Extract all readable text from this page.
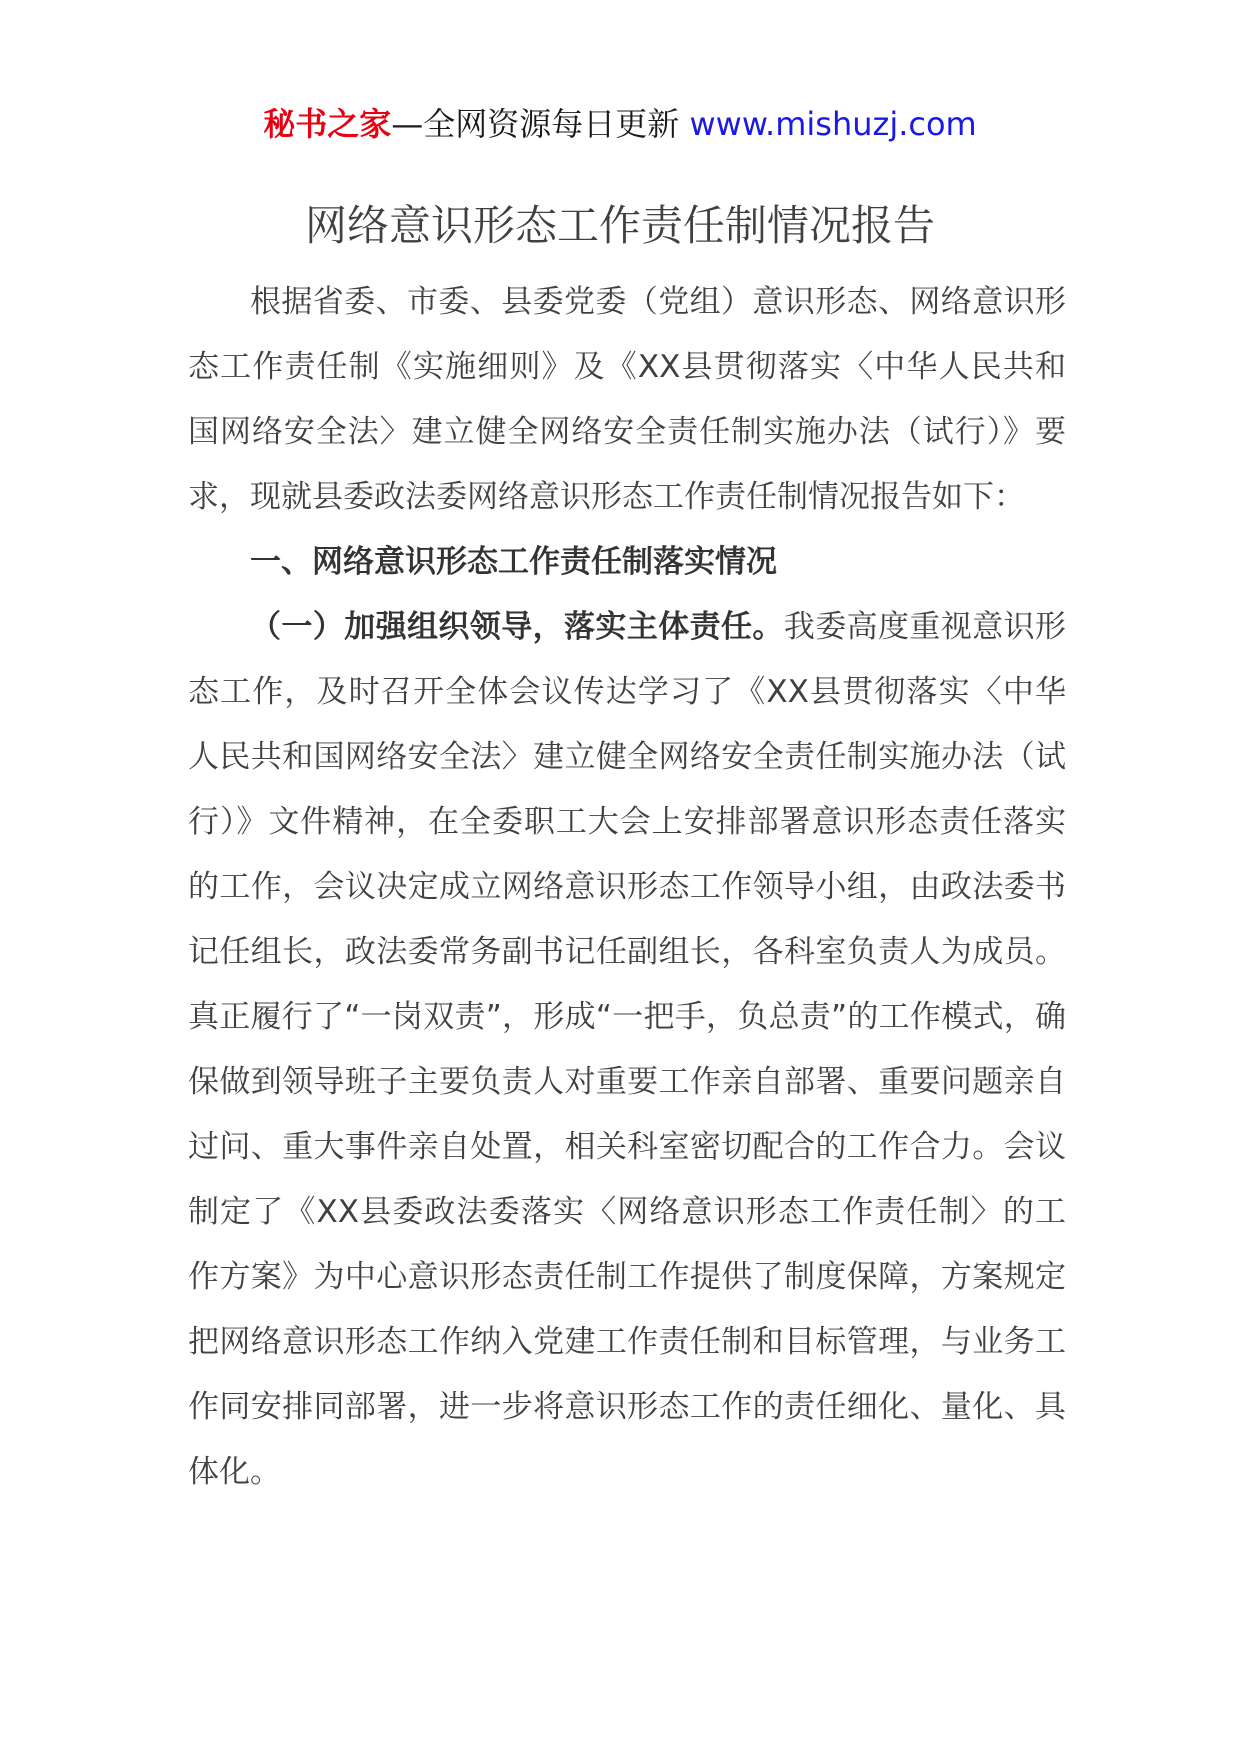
秘书之家—全网资源每日更新 www.mishuzj.com
网络意识形态工作责任制情况报告

根据省委、市委、县委党委（党组）意识形态、网络意识形态工作责任制《实施细则》及《XX县贯彻落实〈中华人民共和国网络安全法〉建立健全网络安全责任制实施办法（试行）》要求，现就县委政法委网络意识形态工作责任制情况报告如下：

一、网络意识形态工作责任制落实情况

（一）加强组织领导，落实主体责任。我委高度重视意识形态工作，及时召开全体会议传达学习了《XX县贯彻落实〈中华人民共和国网络安全法〉建立健全网络安全责任制实施办法（试行）》文件精神，在全委职工大会上安排部署意识形态责任落实的工作，会议决定成立网络意识形态工作领导小组，由政法委书记任组长，政法委常务副书记任副组长，各科室负责人为成员。真正履行了“一岗双责”，形成“一把手，负总责”的工作模式，确保做到领导班子主要负责人对重要工作亲自部署、重要问题亲自过问、重大事件亲自处置，相关科室密切配合的工作合力。会议制定了《XX县委政法委落实〈网络意识形态工作责任制〉的工作方案》为中心意识形态责任制工作提供了制度保障，方案规定把网络意识形态工作纳入党建工作责任制和目标管理，与业务工作同安排同部署，进一步将意识形态工作的责任细化、量化、具体化。
